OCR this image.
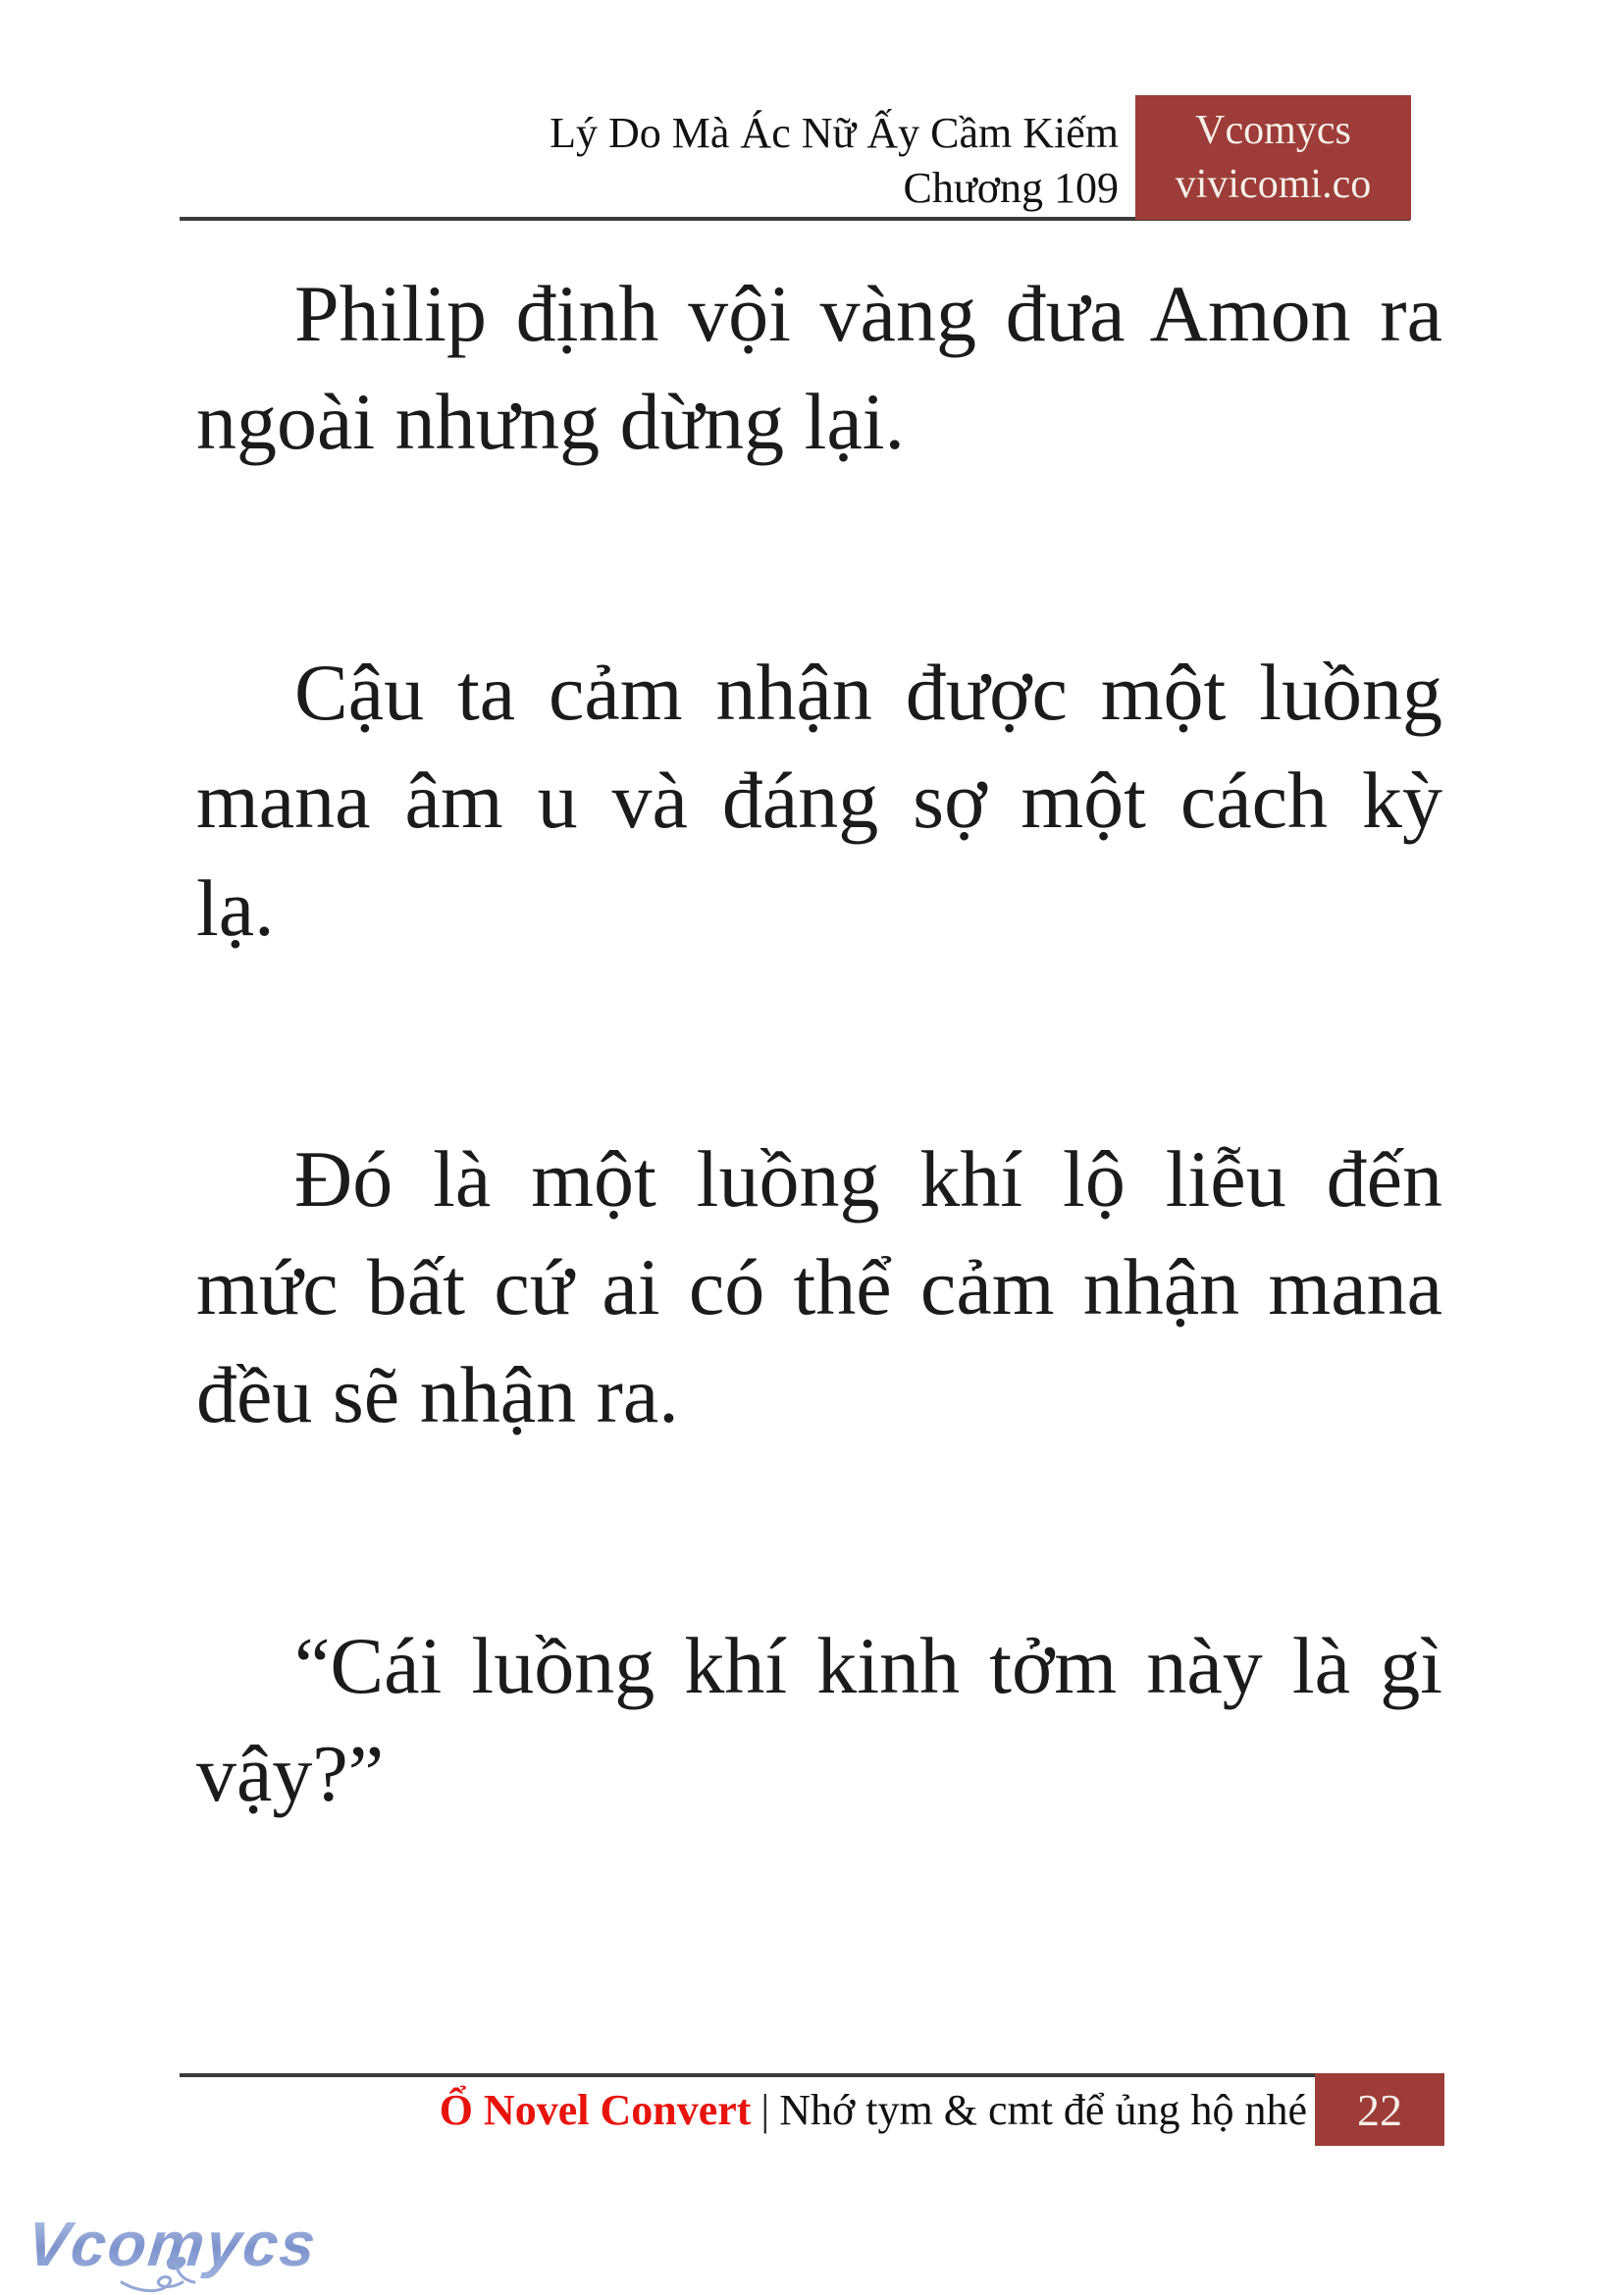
Lý Do Mà Ác Nữ Ấy Cầm Kiếm
Chương 109
Vcomycs
vivicomi.co
Philip định vội vàng đưa Amon ra
ngoài nhưng dừng lại.
Cậu ta cảm nhận được một luồng
mana âm u và đáng sợ một cách kỳ
lạ.
Đó là một luồng khí lộ liễu đến
mức bất cứ ai có thể cảm nhận mana
đều sẽ nhận ra.
“Cái luồng khí kinh tởm này là gì
vậy?”
Ổ Novel Convert | Nhớ tym & cmt để ủng hộ nhé 22
Vcomycs
